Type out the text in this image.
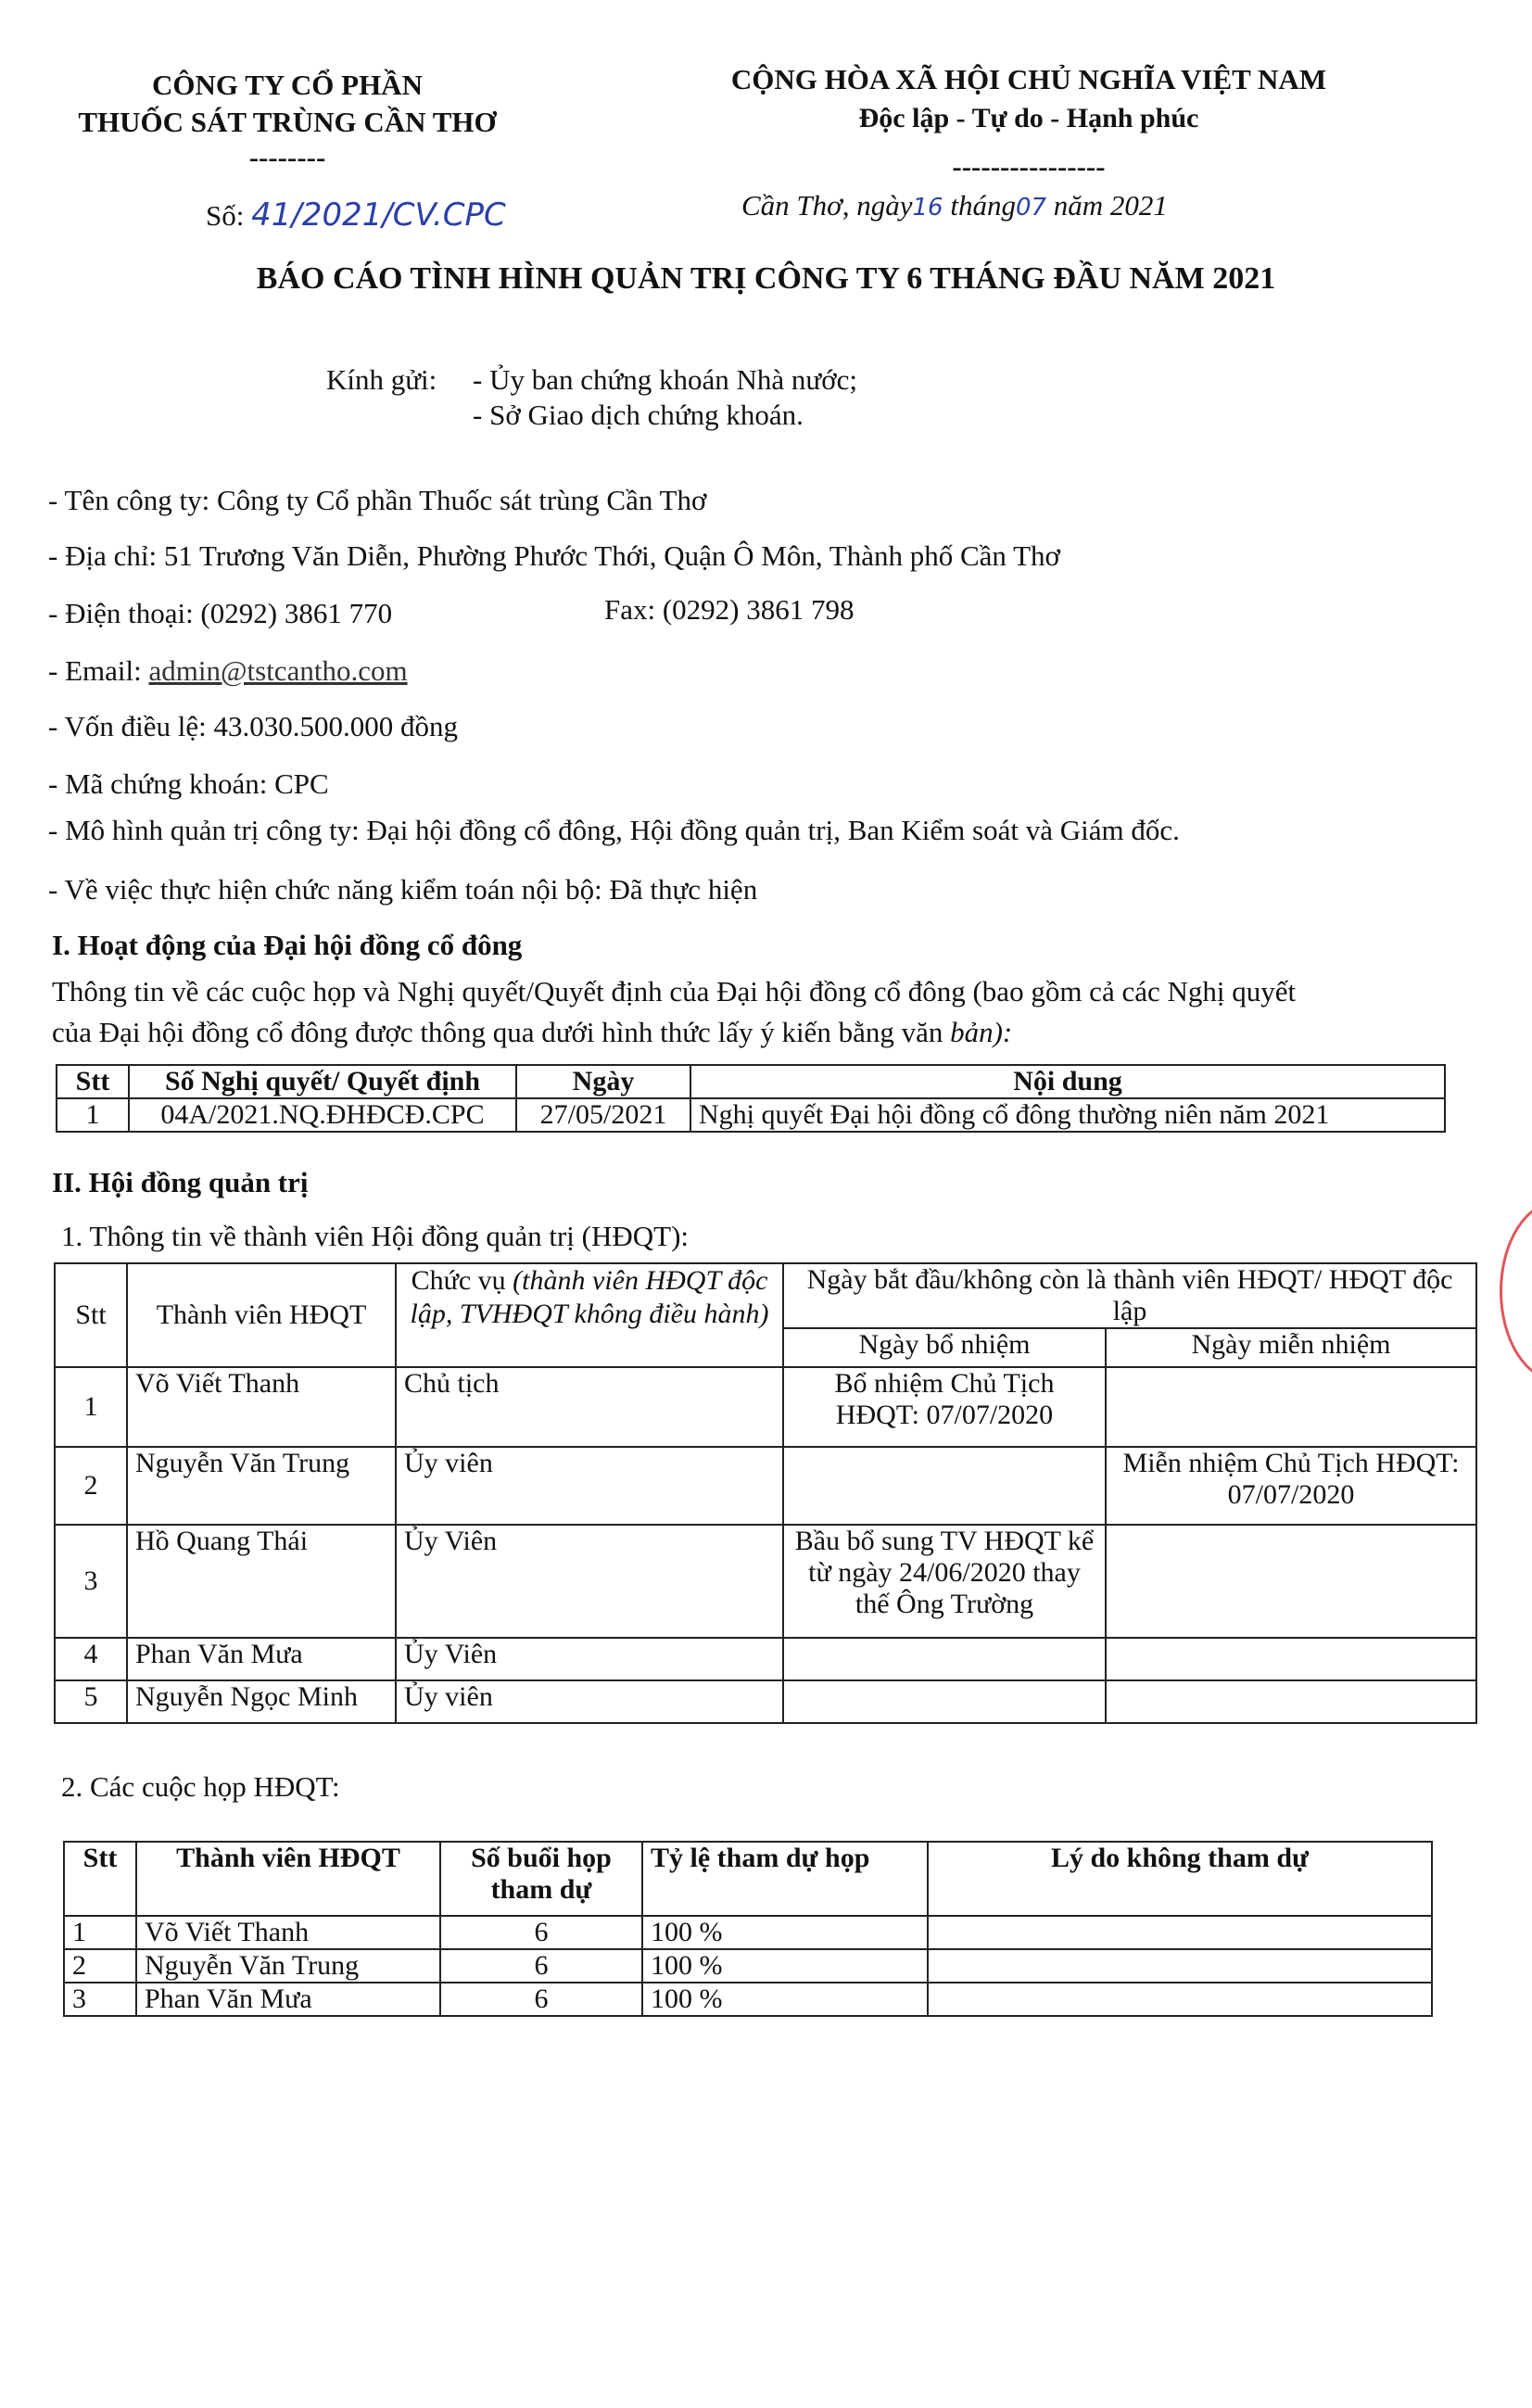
CÔNG TY CỔ PHẦN
THUỐC SÁT TRÙNG CẦN THƠ
--------
CỘNG HÒA XÃ HỘI CHỦ NGHĨA VIỆT NAM
Độc lập - Tự do - Hạnh phúc
----------------
Số: 41/2021/CV.CPC	Cần Thơ, ngày16 tháng07 năm 2021
BÁO CÁO TÌNH HÌNH QUẢN TRỊ CÔNG TY 6 THÁNG ĐẦU NĂM 2021
Kính gửi: - Ủy ban chứng khoán Nhà nước;
- Sở Giao dịch chứng khoán.
- Tên công ty: Công ty Cổ phần Thuốc sát trùng Cần Thơ
- Địa chỉ: 51 Trương Văn Diễn, Phường Phước Thới, Quận Ô Môn, Thành phố Cần Thơ
- Điện thoại: (0292) 3861 770	Fax: (0292) 3861 798
- Email: admin@tstcantho.com
- Vốn điều lệ: 43.030.500.000 đồng
- Mã chứng khoán: CPC
- Mô hình quản trị công ty: Đại hội đồng cổ đông, Hội đồng quản trị, Ban Kiểm soát và Giám đốc.
- Về việc thực hiện chức năng kiểm toán nội bộ: Đã thực hiện
I. Hoạt động của Đại hội đồng cổ đông
Thông tin về các cuộc họp và Nghị quyết/Quyết định của Đại hội đồng cổ đông (bao gồm cả các Nghị quyết
của Đại hội đồng cổ đông được thông qua dưới hình thức lấy ý kiến bằng văn bản):
Stt	Số Nghị quyết/ Quyết định	Ngày	Nội dung
1	04A/2021.NQ.ĐHĐCĐ.CPC	27/05/2021	Nghị quyết Đại hội đồng cổ đông thường niên năm 2021
II. Hội đồng quản trị
1. Thông tin về thành viên Hội đồng quản trị (HĐQT):
Stt	Thành viên HĐQT	Chức vụ (thành viên HĐQT độc lập, TVHĐQT không điều hành)	Ngày bắt đầu/không còn là thành viên HĐQT/ HĐQT độc lập	
			Ngày bổ nhiệm	Ngày miễn nhiệm
1	Võ Viết Thanh	Chủ tịch	Bổ nhiệm Chủ Tịch HĐQT: 07/07/2020	
2	Nguyễn Văn Trung	Ủy viên		Miễn nhiệm Chủ Tịch HĐQT: 07/07/2020
3	Hồ Quang Thái	Ủy Viên	Bầu bổ sung TV HĐQT kể từ ngày 24/06/2020 thay thế Ông Trường	
4	Phan Văn Mưa	Ủy Viên		
5	Nguyễn Ngọc Minh	Ủy viên		
2. Các cuộc họp HĐQT:
Stt	Thành viên HĐQT	Số buổi họp tham dự	Tỷ lệ tham dự họp	Lý do không tham dự
1	Võ Viết Thanh	6	100 %	
2	Nguyễn Văn Trung	6	100 %	
3	Phan Văn Mưa	6	100 %	
